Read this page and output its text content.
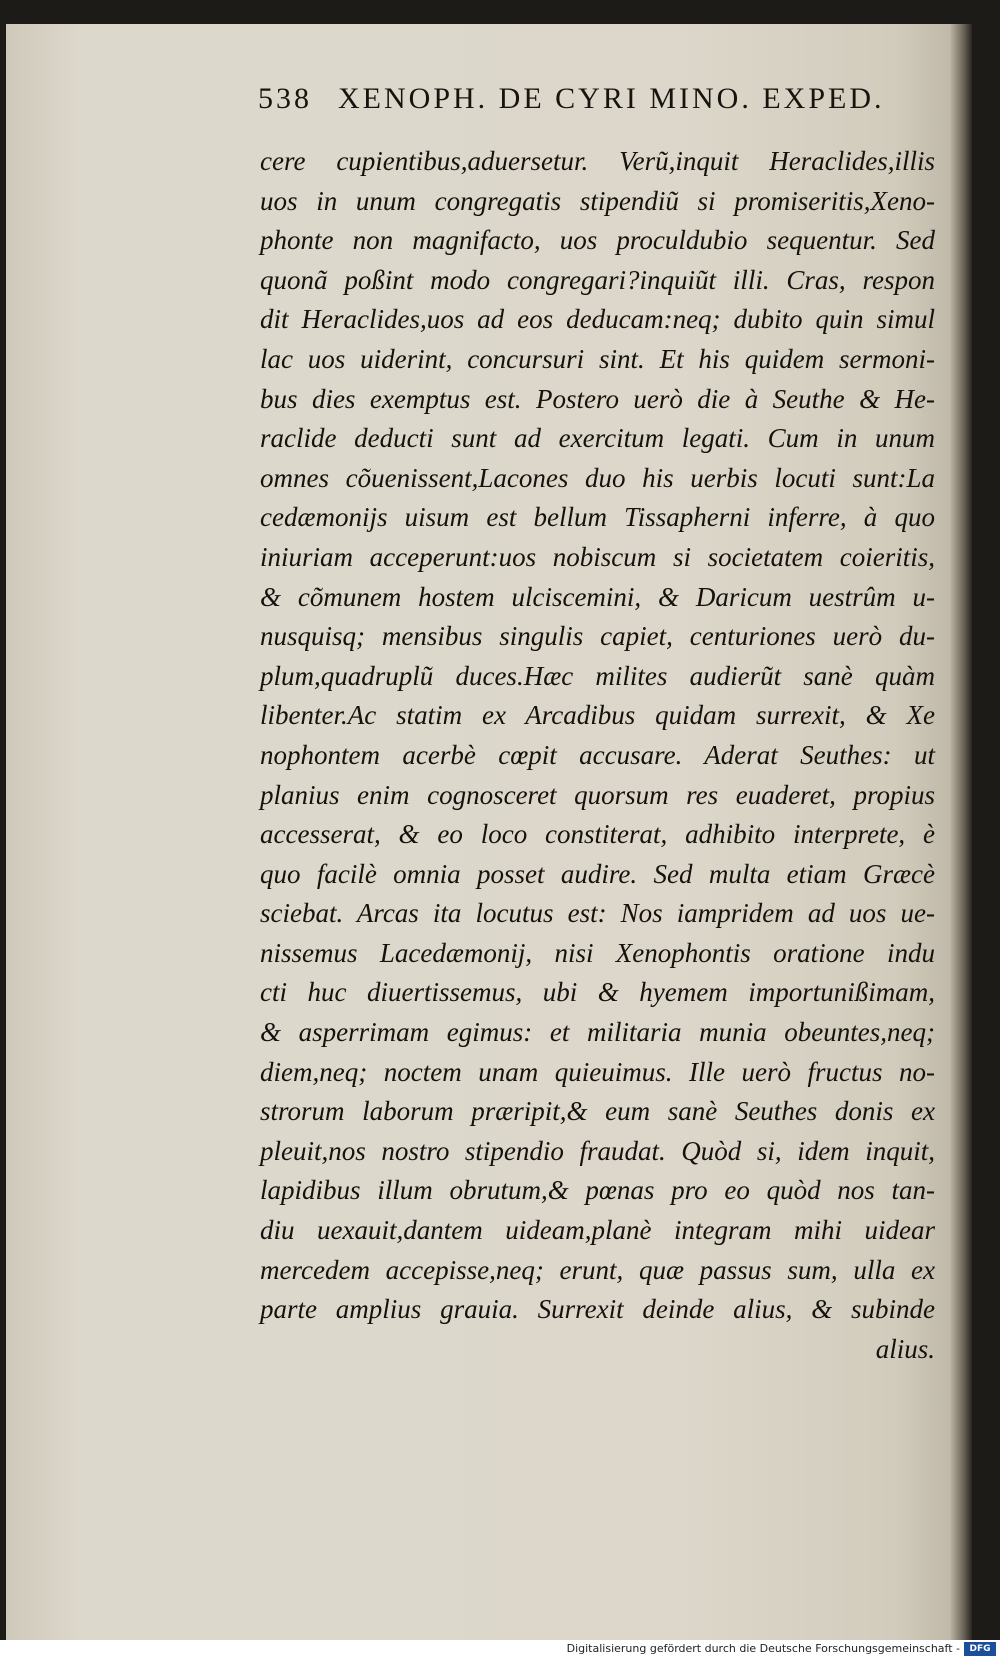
538 XENOPH. DE CYRI MINO. EXPED.
cere cupientibus,aduersetur. Verũ,inquit Heraclides,illis
uos in unum congregatis stipendiũ si promiseritis,Xeno-
phonte non magnifacto, uos proculdubio sequentur. Sed
quonã poßint modo congregari?inquiũt illi. Cras, respon
dit Heraclides,uos ad eos deducam:neq; dubito quin simul
lac uos uiderint, concursuri sint. Et his quidem sermoni-
bus dies exemptus est. Postero uerò die à Seuthe & He-
raclide deducti sunt ad exercitum legati. Cum in unum
omnes cõuenissent,Lacones duo his uerbis locuti sunt:La
cedæmonijs uisum est bellum Tissapherni inferre, à quo
iniuriam acceperunt:uos nobiscum si societatem coieritis,
& cõmunem hostem ulciscemini, & Daricum uestrûm u-
nusquisq; mensibus singulis capiet, centuriones uerò du-
plum,quadruplũ duces.Hæc milites audierũt sanè quàm
libenter.Ac statim ex Arcadibus quidam surrexit, & Xe
nophontem acerbè cœpit accusare. Aderat Seuthes: ut
planius enim cognosceret quorsum res euaderet, propius
accesserat, & eo loco constiterat, adhibito interprete, è
quo facilè omnia posset audire. Sed multa etiam Græcè
sciebat. Arcas ita locutus est: Nos iampridem ad uos ue-
nissemus Lacedæmonij, nisi Xenophontis oratione indu
cti huc diuertissemus, ubi & hyemem importunißimam,
& asperrimam egimus: et militaria munia obeuntes,neq;
diem,neq; noctem unam quieuimus. Ille uerò fructus no-
strorum laborum præripit,& eum sanè Seuthes donis ex
pleuit,nos nostro stipendio fraudat. Quòd si, idem inquit,
lapidibus illum obrutum,& pœnas pro eo quòd nos tan-
diu uexauit,dantem uideam,planè integram mihi uidear
mercedem accepisse,neq; erunt, quæ passus sum, ulla ex
parte amplius grauia. Surrexit deinde alius, & subinde
alius.
Digitalisierung gefördert durch die Deutsche Forschungsgemeinschaft -	DFG
